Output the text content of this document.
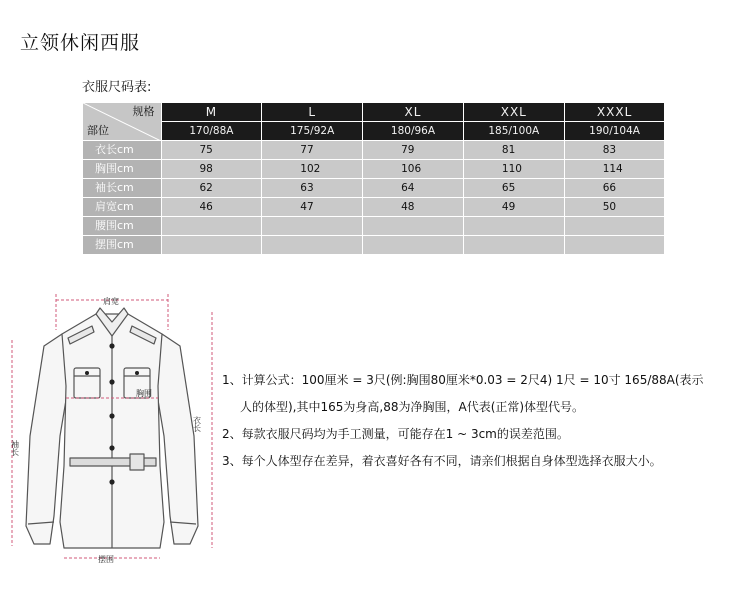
立领休闲西服
衣服尺码表:
规格
部位	M	L	XL	XXL	XXXL
	170/88A	175/92A	180/96A	185/100A	190/104A
衣长cm	75	77	79	81	83
胸围cm	98	102	106	110	114
袖长cm	62	63	64	65	66
肩宽cm	46	47	48	49	50
腰围cm					
摆围cm					
肩宽
胸围
摆围
衣长
袖长
1、计算公式：100厘米 = 3尺(例:胸围80厘米*0.03 = 2尺4) 1尺 = 10寸 165/88A(表示
人的体型),其中165为身高,88为净胸围，A代表(正常)体型代号。
2、每款衣服尺码均为手工测量，可能存在1 ~ 3cm的误差范围。
3、每个人体型存在差异，着衣喜好各有不同，请亲们根据自身体型选择衣服大小。
